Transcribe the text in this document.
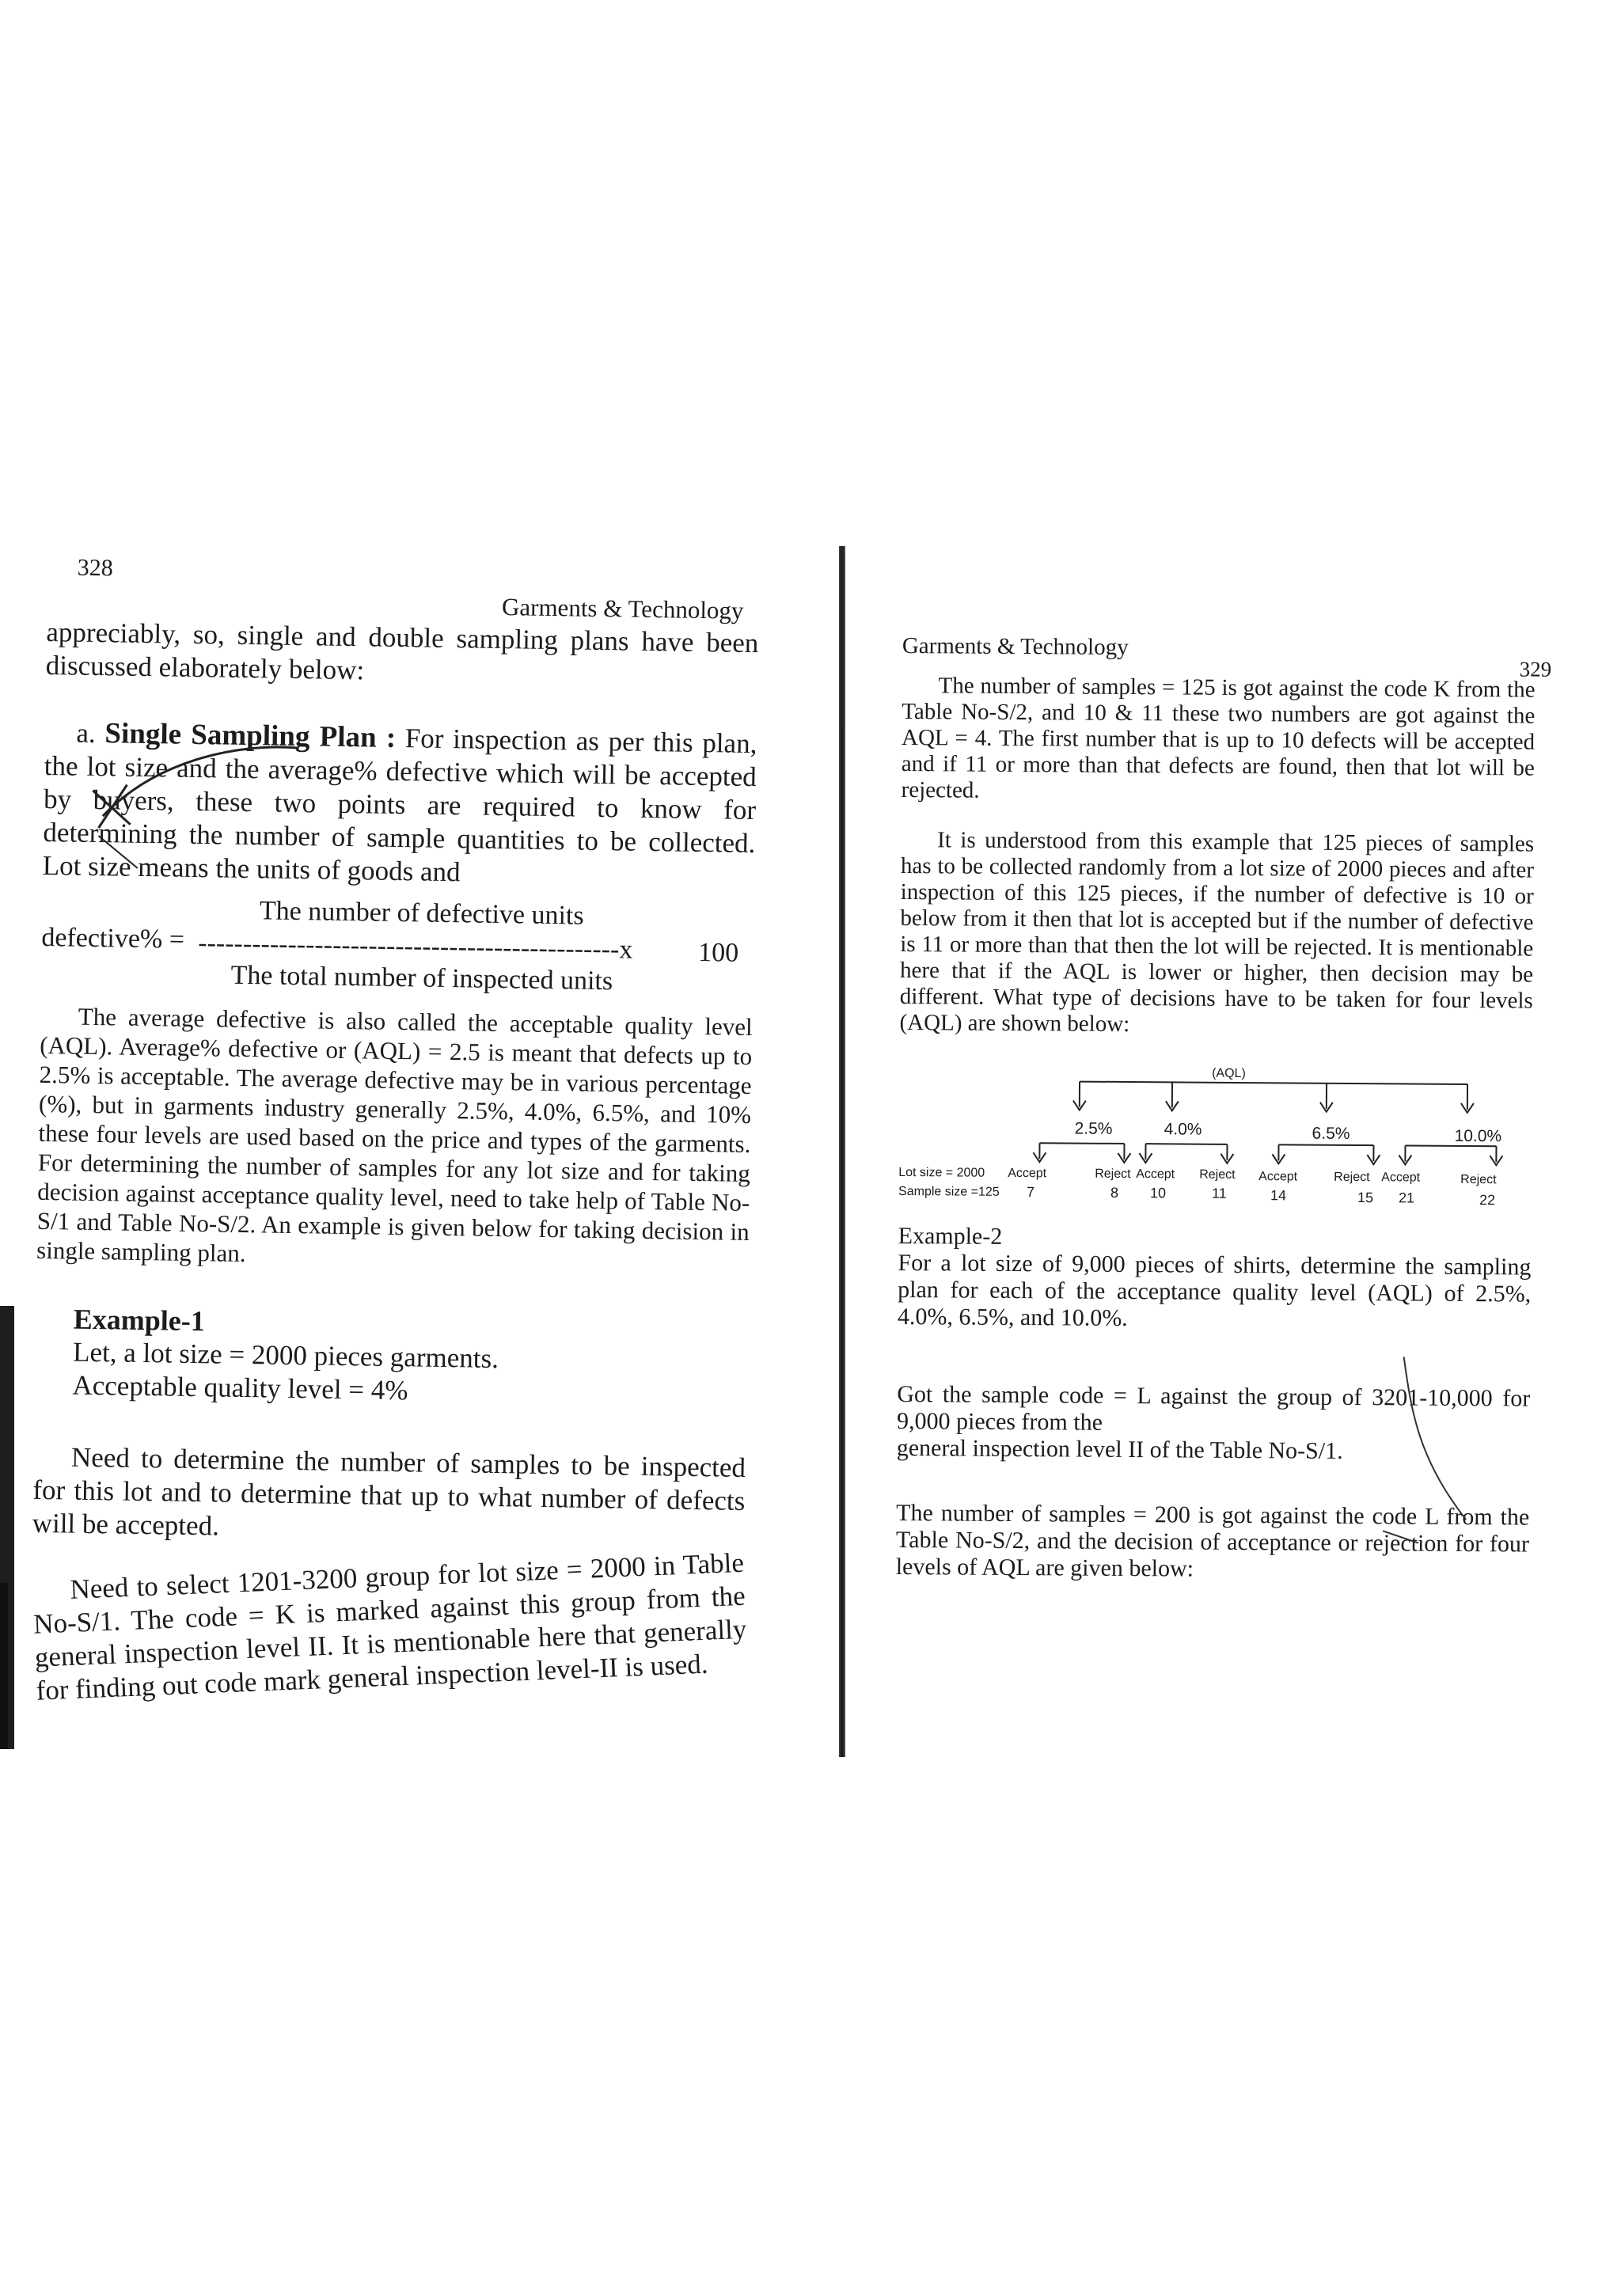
328
Garments & Technology
appreciably, so, single and double sampling plans have been
discussed elaborately below:

a. Single Sampling Plan : For inspection as per this plan, the lot size and the average% defective which will be accepted by buyers, these two points are required to know for determining the number of sample quantities to be collected. Lot size means the units of goods and

The number of defective units
defective% = -----------------------------------------------x 100
The total number of inspected units

The average defective is also called the acceptable quality level (AQL). Average% defective or (AQL) = 2.5 is meant that defects up to 2.5% is acceptable. The average defective may be in various percentage (%), but in garments industry generally 2.5%, 4.0%, 6.5%, and 10% these four levels are used based on the price and types of the garments. For determining the number of samples for any lot size and for taking decision against acceptance quality level, need to take help of Table No-S/1 and Table No-S/2. An example is given below for taking decision in single sampling plan.

Example-1
Let, a lot size = 2000 pieces garments.
Acceptable quality level = 4%

Need to determine the number of samples to be inspected for this lot and to determine that up to what number of defects will be accepted.

Need to select 1201-3200 group for lot size = 2000 in Table No-S/1. The code = K is marked against this group from the general inspection level II. It is mentionable here that generally for finding out code mark general inspection level-II is used.

Garments & Technology
329

The number of samples = 125 is got against the code K from the Table No-S/2, and 10 & 11 these two numbers are got against the AQL = 4. The first number that is up to 10 defects will be accepted and if 11 or more than that defects are found, then that lot will be rejected.

It is understood from this example that 125 pieces of samples has to be collected randomly from a lot size of 2000 pieces and after inspection of this 125 pieces, if the number of defective is 10 or below from it then that lot is accepted but if the number of defective is 11 or more than that then the lot will be rejected. It is mentionable here that if the AQL is lower or higher, then decision may be different. What type of decisions have to be taken for four levels (AQL) are shown below:

(AQL)
2.5%	4.0%	6.5%	10.0%
Lot size = 2000
Sample size =125
Accept	Reject Accept Reject Accept	Reject Accept	Reject
7	8 10	11	14	15 21	22
Example-2

For a lot size of 9,000 pieces of shirts, determine the sampling plan for each of the acceptance quality level (AQL) of 2.5%, 4.0%, 6.5%, and 10.0%.

Got the sample code = L against the group of 3201-10,000 for
9,000 pieces from the
general inspection level II of the Table No-S/1.

The number of samples = 200 is got against the code L from the Table No-S/2, and the decision of acceptance or rejection for four levels of AQL are given below:
